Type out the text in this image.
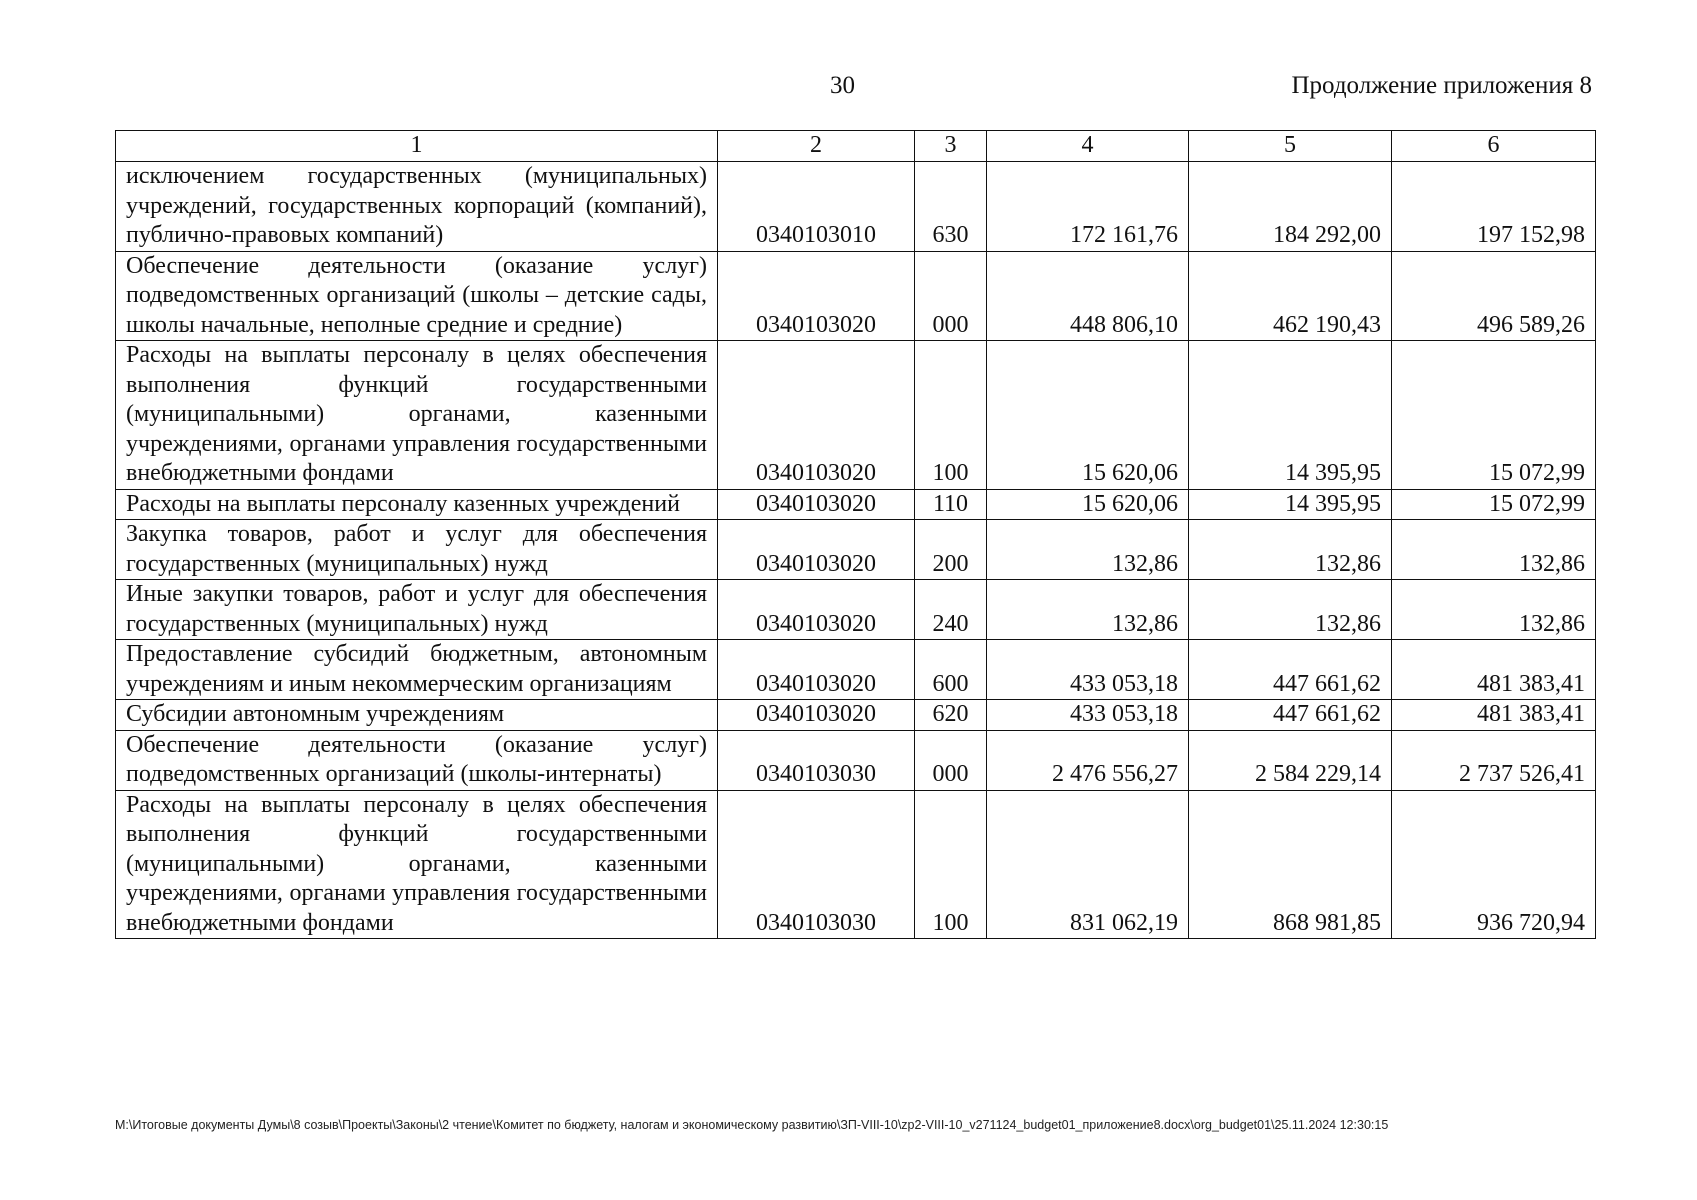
30	Продолжение приложения 8
1	2	3	4	5	6
исключением государственных (муниципальных) учреждений, государственных корпораций (компаний), публично-правовых компаний)	0340103010	630	172 161,76	184 292,00	197 152,98
Обеспечение деятельности (оказание услуг) подведомственных организаций (школы – детские сады, школы начальные, неполные средние и средние)	0340103020	000	448 806,10	462 190,43	496 589,26
Расходы на выплаты персоналу в целях обеспечения выполнения функций государственными (муниципальными) органами, казенными учреждениями, органами управления государственными внебюджетными фондами	0340103020	100	15 620,06	14 395,95	15 072,99
Расходы на выплаты персоналу казенных учреждений	0340103020	110	15 620,06	14 395,95	15 072,99
Закупка товаров, работ и услуг для обеспечения государственных (муниципальных) нужд	0340103020	200	132,86	132,86	132,86
Иные закупки товаров, работ и услуг для обеспечения государственных (муниципальных) нужд	0340103020	240	132,86	132,86	132,86
Предоставление субсидий бюджетным, автономным учреждениям и иным некоммерческим организациям	0340103020	600	433 053,18	447 661,62	481 383,41
Субсидии автономным учреждениям	0340103020	620	433 053,18	447 661,62	481 383,41
Обеспечение деятельности (оказание услуг) подведомственных организаций (школы-интернаты)	0340103030	000	2 476 556,27	2 584 229,14	2 737 526,41
Расходы на выплаты персоналу в целях обеспечения выполнения функций государственными (муниципальными) органами, казенными учреждениями, органами управления государственными внебюджетными фондами	0340103030	100	831 062,19	868 981,85	936 720,94
M:\Итоговые документы Думы\8 созыв\Проекты\Законы\2 чтение\Комитет по бюджету, налогам и экономическому развитию\ЗП-VIII-10\zp2-VIII-10_v271124_budget01_приложение8.docx\org_budget01\25.11.2024 12:30:15
